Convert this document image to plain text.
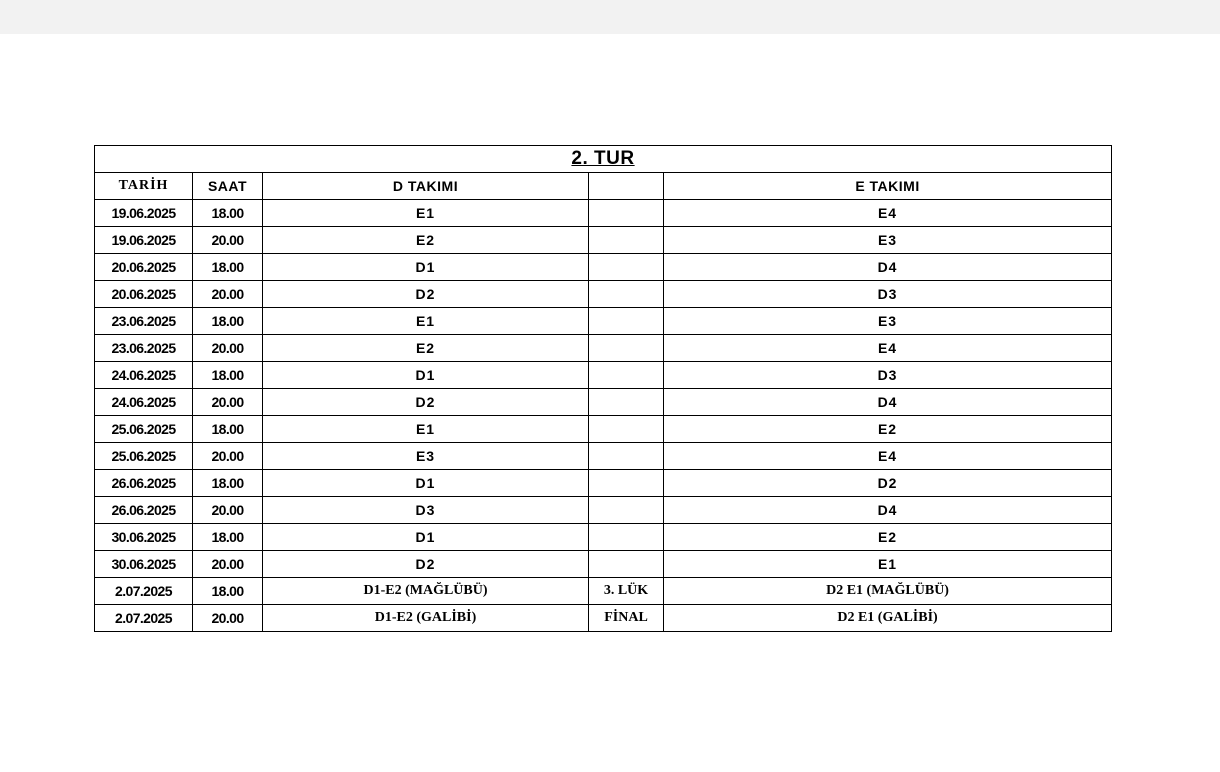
2. TUR				
TARİH	SAAT	D TAKIMI		E TAKIMI
19.06.2025	18.00	E1		E4
19.06.2025	20.00	E2		E3
20.06.2025	18.00	D1		D4
20.06.2025	20.00	D2		D3
23.06.2025	18.00	E1		E3
23.06.2025	20.00	E2		E4
24.06.2025	18.00	D1		D3
24.06.2025	20.00	D2		D4
25.06.2025	18.00	E1		E2
25.06.2025	20.00	E3		E4
26.06.2025	18.00	D1		D2
26.06.2025	20.00	D3		D4
30.06.2025	18.00	D1		E2
30.06.2025	20.00	D2		E1
2.07.2025	18.00	D1-E2 (MAĞLÜBÜ)	3. LÜK	D2 E1 (MAĞLÜBÜ)
2.07.2025	20.00	D1-E2 (GALİBİ)	FİNAL	D2 E1 (GALİBİ)
